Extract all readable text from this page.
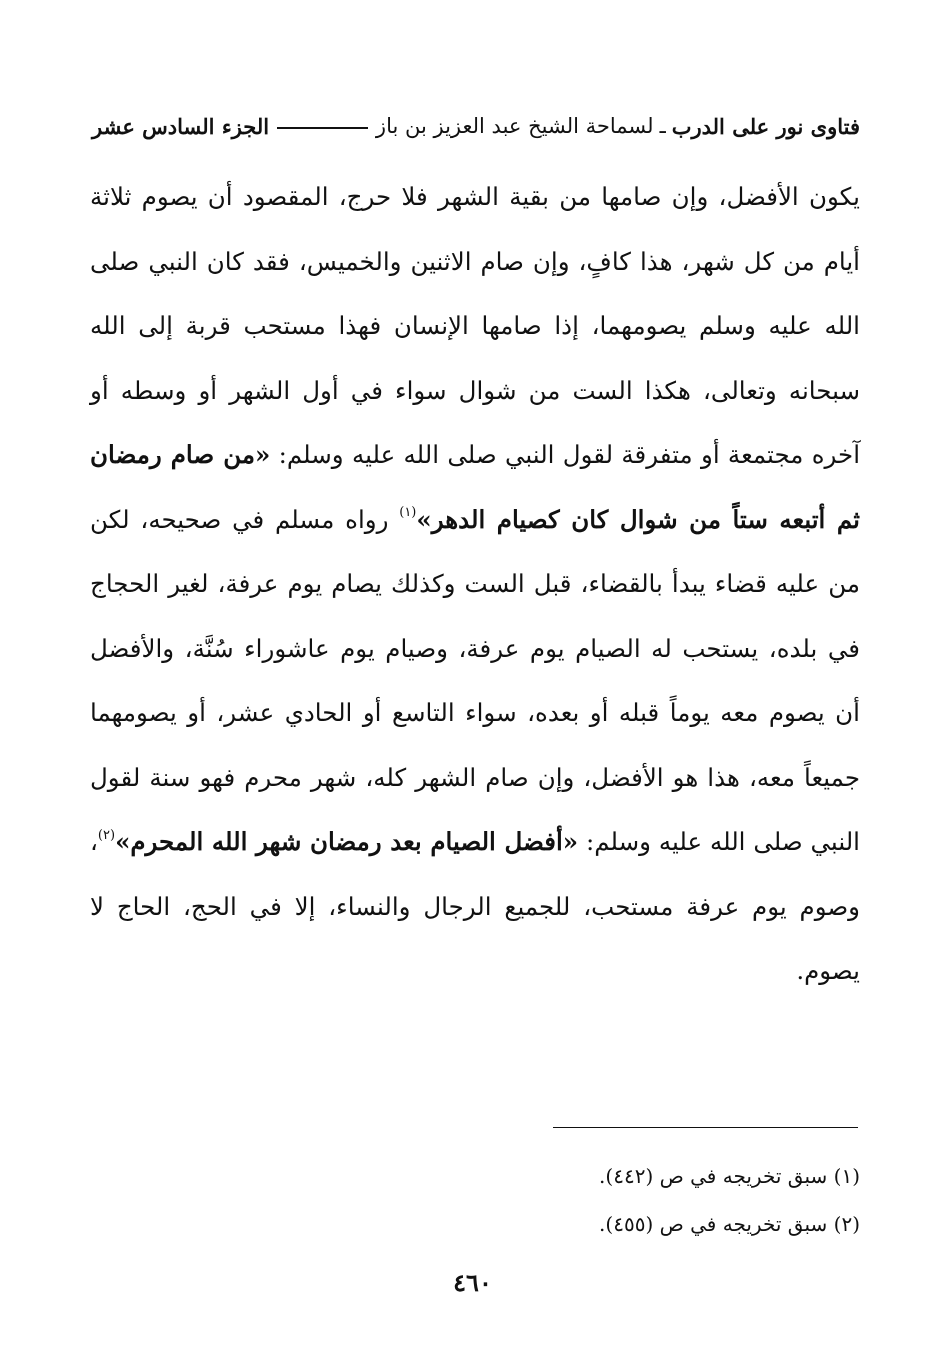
فتاوى نور على الدرب
ـ
لسماحة الشيخ عبد العزيز بن باز
الجزء السادس عشر
يكون الأفضل، وإن صامها من بقية الشهر فلا حرج، المقصود أن يصوم ثلاثة أيام من كل شهر، هذا كافٍ، وإن صام الاثنين والخميس، فقد كان النبي صلى الله عليه وسلم يصومهما، إذا صامها الإنسان فهذا مستحب قربة إلى الله سبحانه وتعالى، هكذا الست من شوال سواء في أول الشهر أو وسطه أو آخره مجتمعة أو متفرقة لقول النبي صلى الله عليه وسلم: «من صام رمضان ثم أتبعه ستاً من شوال كان كصيام الدهر»$^{(١)}$ رواه مسلم في صحيحه، لكن من عليه قضاء يبدأ بالقضاء، قبل الست وكذلك يصام يوم عرفة، لغير الحجاج في بلده، يستحب له الصيام يوم عرفة، وصيام يوم عاشوراء سُنَّة، والأفضل أن يصوم معه يوماً قبله أو بعده، سواء التاسع أو الحادي عشر، أو يصومهما جميعاً معه، هذا هو الأفضل، وإن صام الشهر كله، شهر محرم فهو سنة لقول النبي صلى الله عليه وسلم: «أفضل الصيام بعد رمضان شهر الله المحرم»$^{(٢)}$، وصوم يوم عرفة مستحب، للجميع الرجال والنساء، إلا في الحج، الحاج لا يصوم.
(١) سبق تخريجه في ص (٤٤٢).
(٢) سبق تخريجه في ص (٤٥٥).
٤٦٠
